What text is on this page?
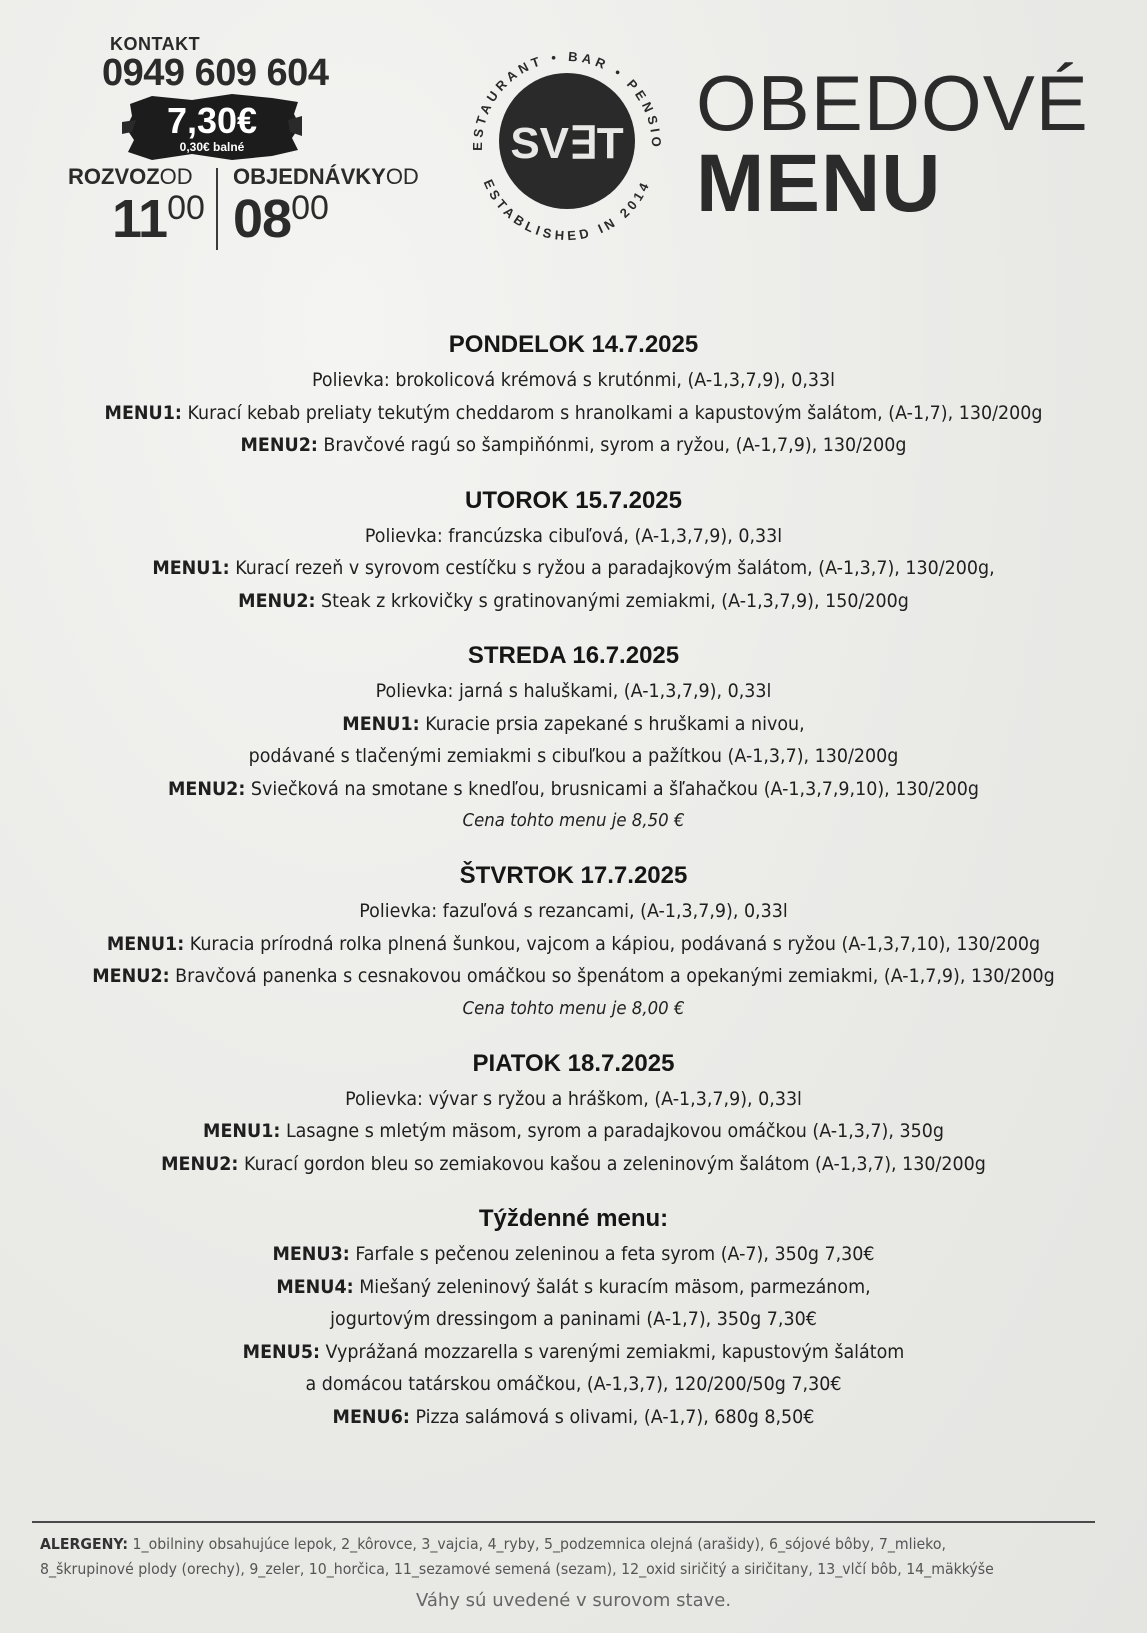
KONTAKT
0949 609 604
7,30€
0,30€ balné
ROZVOZOD OBJEDNÁVKYOD
$11^{00}$ $08^{00}$
SV∃T
ESTAURANT • BAR • PENSIO
ESTABLISHED IN 2014
OBEDOVÉ
MENU
PONDELOK 14.7.2025
Polievka: brokolicová krémová s krutónmi, (A-1,3,7,9), 0,33l
MENU1: Kurací kebab preliaty tekutým cheddarom s hranolkami a kapustovým šalátom, (A-1,7), 130/200g
MENU2: Bravčové ragú so šampiňónmi, syrom a ryžou, (A-1,7,9), 130/200g
UTOROK 15.7.2025
Polievka: francúzska cibuľová, (A-1,3,7,9), 0,33l
MENU1: Kurací rezeň v syrovom cestíčku s ryžou a paradajkovým šalátom, (A-1,3,7), 130/200g,
MENU2: Steak z krkovičky s gratinovanými zemiakmi, (A-1,3,7,9), 150/200g
STREDA 16.7.2025
Polievka: jarná s haluškami, (A-1,3,7,9), 0,33l
MENU1: Kuracie prsia zapekané s hruškami a nivou,
podávané s tlačenými zemiakmi s cibuľkou a pažítkou (A-1,3,7), 130/200g
MENU2: Sviečková na smotane s knedľou, brusnicami a šľahačkou (A-1,3,7,9,10), 130/200g
Cena tohto menu je 8,50 €
ŠTVRTOK 17.7.2025
Polievka: fazuľová s rezancami, (A-1,3,7,9), 0,33l
MENU1: Kuracia prírodná rolka plnená šunkou, vajcom a kápiou, podávaná s ryžou (A-1,3,7,10), 130/200g
MENU2: Bravčová panenka s cesnakovou omáčkou so špenátom a opekanými zemiakmi, (A-1,7,9), 130/200g
Cena tohto menu je 8,00 €
PIATOK 18.7.2025
Polievka: vývar s ryžou a hráškom, (A-1,3,7,9), 0,33l
MENU1: Lasagne s mletým mäsom, syrom a paradajkovou omáčkou (A-1,3,7), 350g
MENU2: Kurací gordon bleu so zemiakovou kašou a zeleninovým šalátom (A-1,3,7), 130/200g
Týždenné menu:
MENU3: Farfale s pečenou zeleninou a feta syrom (A-7), 350g 7,30€
MENU4: Miešaný zeleninový šalát s kuracím mäsom, parmezánom,
jogurtovým dressingom a paninami (A-1,7), 350g 7,30€
MENU5: Vyprážaná mozzarella s varenými zemiakmi, kapustovým šalátom
a domácou tatárskou omáčkou, (A-1,3,7), 120/200/50g 7,30€
MENU6: Pizza salámová s olivami, (A-1,7), 680g 8,50€
ALERGENY: 1_obilniny obsahujúce lepok, 2_kôrovce, 3_vajcia, 4_ryby, 5_podzemnica olejná (arašidy), 6_sójové bôby, 7_mlieko,
8_škrupinové plody (orechy), 9_zeler, 10_horčica, 11_sezamové semená (sezam), 12_oxid siričitý a siričitany, 13_vlčí bôb, 14_mäkkýše
Váhy sú uvedené v surovom stave.
